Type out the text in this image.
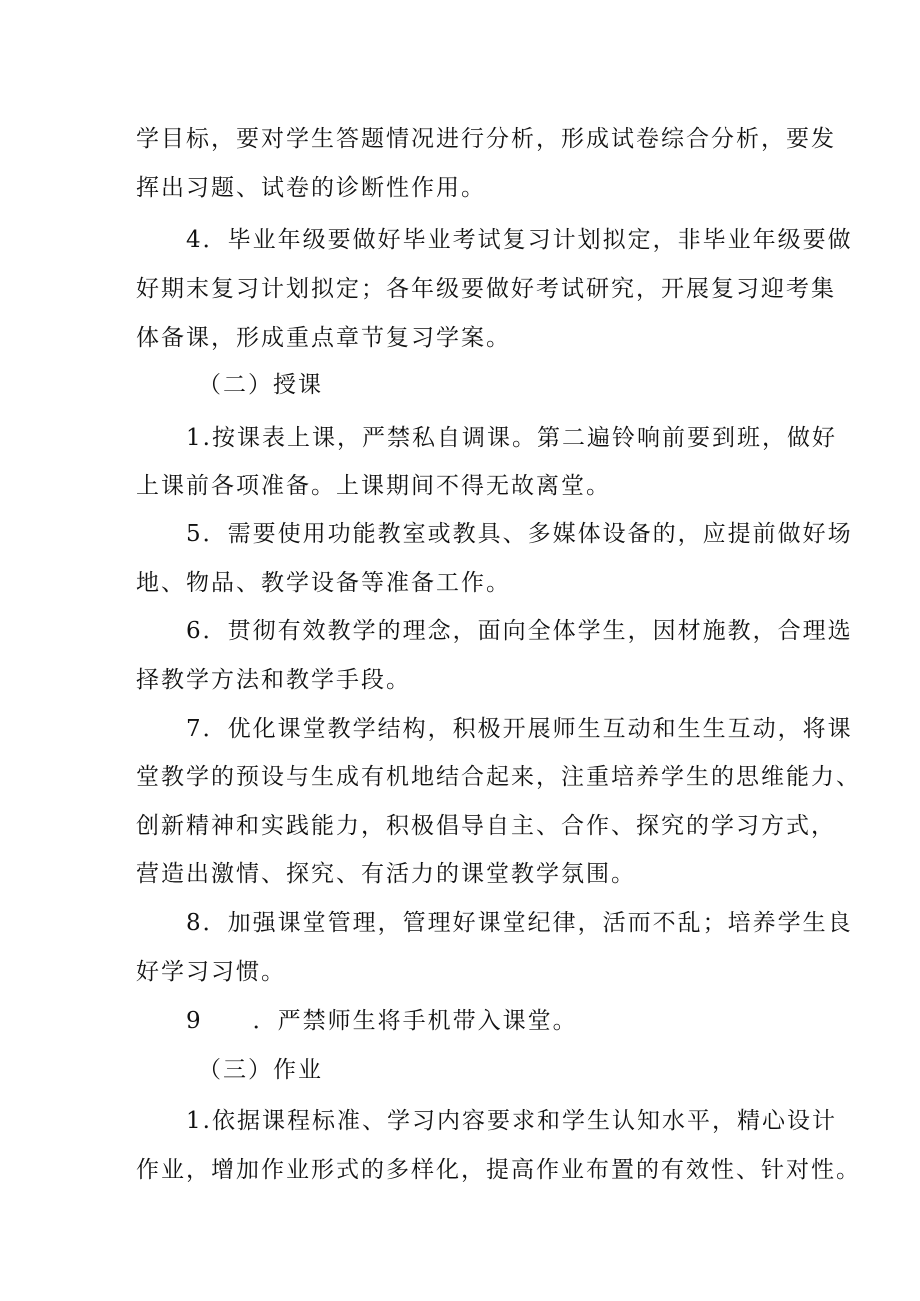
学目标，要对学生答题情况进行分析，形成试卷综合分析，要发
挥出习题、试卷的诊断性作用。
4．毕业年级要做好毕业考试复习计划拟定，非毕业年级要做
好期末复习计划拟定；各年级要做好考试研究，开展复习迎考集
体备课，形成重点章节复习学案。
（二）授课
1.按课表上课，严禁私自调课。第二遍铃响前要到班，做好
上课前各项准备。上课期间不得无故离堂。
5．需要使用功能教室或教具、多媒体设备的，应提前做好场
地、物品、教学设备等准备工作。
6．贯彻有效教学的理念，面向全体学生，因材施教，合理选
择教学方法和教学手段。
7．优化课堂教学结构，积极开展师生互动和生生互动，将课
堂教学的预设与生成有机地结合起来，注重培养学生的思维能力、
创新精神和实践能力，积极倡导自主、合作、探究的学习方式，
营造出激情、探究、有活力的课堂教学氛围。
8．加强课堂管理，管理好课堂纪律，活而不乱；培养学生良
好学习习惯。
9　　．严禁师生将手机带入课堂。
（三）作业
1.依据课程标准、学习内容要求和学生认知水平，精心设计
作业，增加作业形式的多样化，提高作业布置的有效性、针对性。
